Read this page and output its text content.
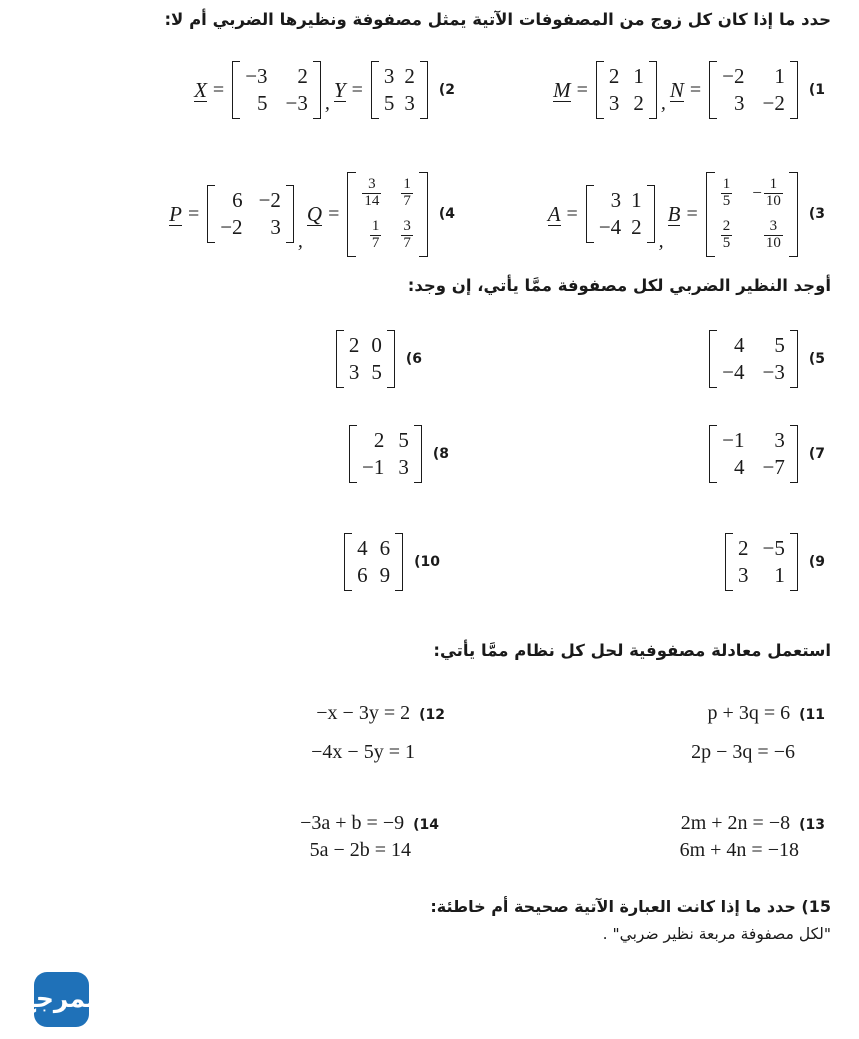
حدد ما إذا كان كل زوج من المصفوفات الآتية يمثل مصفوفة ونظيرها الضربي أم لا:
M =
2 1
3 2 ,
N =
−2 1
3 −2
(1
X =
−3 2
5 −3 ,
Y =
3 2
5 3
(2
A =
3 1
−4 2
,
B =
$\frac{1}{5} - \frac{1}{10}$
$\frac{2}{5} \frac{3}{10}$
(3
P =
6 −2
−2 3
,
Q =
$\frac{3}{14} \frac{1}{7}$
$\frac{1}{7} \frac{3}{7}$
(4
أوجد النظير الضربي لكل مصفوفة ممَّا يأتي، إن وجد:
4 5
−4 −3
(5
2 0
3 5
(6
−1 3
4 −7
(7
2 5
−1 3
(8
2 −5
3 1
(9
4 6
6 9
(10
استعمل معادلة مصفوفية لحل كل نظام ممَّا يأتي:
p + 3q = 6 (11
2p − 3q = −6
−x − 3y = 2 (12
−4x − 5y = 1
2m + 2n = −8 (13
6m + 4n = −18
−3a + b = −9 (14
5a − 2b = 14
15) حدد ما إذا كانت العبارة الآتية صحيحة أم خاطئة:
"لكل مصفوفة مربعة نظير ضربي" .
المرجع
